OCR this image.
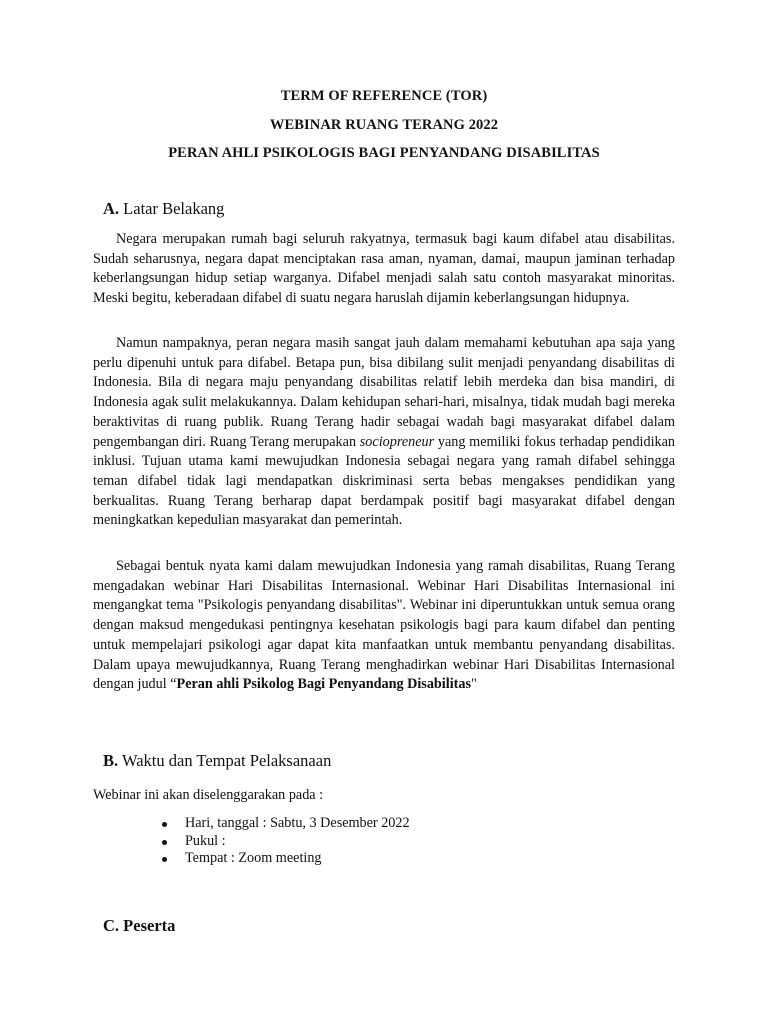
TERM OF REFERENCE (TOR)
WEBINAR RUANG TERANG 2022
PERAN AHLI PSIKOLOGIS BAGI PENYANDANG DISABILITAS
A. Latar Belakang

Negara merupakan rumah bagi seluruh rakyatnya, termasuk bagi kaum difabel atau disabilitas. Sudah seharusnya, negara dapat menciptakan rasa aman, nyaman, damai, maupun jaminan terhadap keberlangsungan hidup setiap warganya. Difabel menjadi salah satu contoh masyarakat minoritas. Meski begitu, keberadaan difabel di suatu negara haruslah dijamin keberlangsungan hidupnya.

Namun nampaknya, peran negara masih sangat jauh dalam memahami kebutuhan apa saja yang perlu dipenuhi untuk para difabel. Betapa pun, bisa dibilang sulit menjadi penyandang disabilitas di Indonesia. Bila di negara maju penyandang disabilitas relatif lebih merdeka dan bisa mandiri, di Indonesia agak sulit melakukannya. Dalam kehidupan sehari-hari, misalnya, tidak mudah bagi mereka beraktivitas di ruang publik. Ruang Terang hadir sebagai wadah bagi masyarakat difabel dalam pengembangan diri. Ruang Terang merupakan sociopreneur yang memiliki fokus terhadap pendidikan inklusi. Tujuan utama kami mewujudkan Indonesia sebagai negara yang ramah difabel sehingga teman difabel tidak lagi mendapatkan diskriminasi serta bebas mengakses pendidikan yang berkualitas. Ruang Terang berharap dapat berdampak positif bagi masyarakat difabel dengan meningkatkan kepedulian masyarakat dan pemerintah.

Sebagai bentuk nyata kami dalam mewujudkan Indonesia yang ramah disabilitas, Ruang Terang mengadakan webinar Hari Disabilitas Internasional. Webinar Hari Disabilitas Internasional ini mengangkat tema "Psikologis penyandang disabilitas". Webinar ini diperuntukkan untuk semua orang dengan maksud mengedukasi pentingnya kesehatan psikologis bagi para kaum difabel dan penting untuk mempelajari psikologi agar dapat kita manfaatkan untuk membantu penyandang disabilitas. Dalam upaya mewujudkannya, Ruang Terang menghadirkan webinar Hari Disabilitas Internasional dengan judul “Peran ahli Psikolog Bagi Penyandang Disabilitas"

B. Waktu dan Tempat Pelaksanaan
Webinar ini akan diselenggarakan pada :
Hari, tanggal : Sabtu, 3 Desember 2022
Pukul :
Tempat : Zoom meeting
C. Peserta
